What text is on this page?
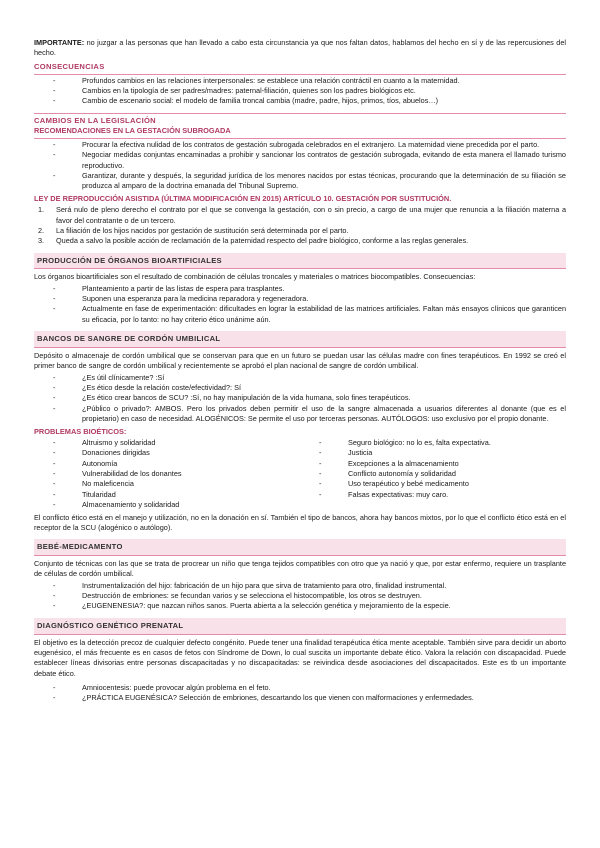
IMPORTANTE: no juzgar a las personas que han llevado a cabo esta circunstancia ya que nos faltan datos, hablamos del hecho en sí y de las repercusiones del hecho.

CONSECUENCIAS
- Profundos cambios en las relaciones interpersonales: se establece una relación contráctil en cuanto a la maternidad.
- Cambios en la tipología de ser padres/madres: paternal-filiación, quienes son los padres biológicos etc.
- Cambio de escenario social: el modelo de familia troncal cambia (madre, padre, hijos, primos, tíos, abuelos…)
CAMBIOS EN LA LEGISLACIÓN
RECOMENDACIONES EN LA GESTACIÓN SUBROGADA
- Procurar la efectiva nulidad de los contratos de gestación subrogada celebrados en el extranjero. La maternidad viene precedida por el parto.
- Negociar medidas conjuntas encaminadas a prohibir y sancionar los contratos de gestación subrogada, evitando de esta manera el llamado turismo reproductivo.
- Garantizar, durante y después, la seguridad jurídica de los menores nacidos por estas técnicas, procurando que la determinación de su filiación se produzca al amparo de la doctrina emanada del Tribunal Supremo.
LEY DE REPRODUCCIÓN ASISTIDA (ÚLTIMA MODIFICACIÓN EN 2015) ARTÍCULO 10. GESTACIÓN POR SUSTITUCIÓN.
1. Será nulo de pleno derecho el contrato por el que se convenga la gestación, con o sin precio, a cargo de una mujer que renuncia a la filiación materna a favor del contratante o de un tercero.
2. La filiación de los hijos nacidos por gestación de sustitución será determinada por el parto.
3. Queda a salvo la posible acción de reclamación de la paternidad respecto del padre biológico, conforme a las reglas generales.
PRODUCCIÓN DE ÓRGANOS BIOARTIFICIALES

Los órganos bioartificiales son el resultado de combinación de células troncales y materiales o matrices biocompatibles. Consecuencias:

- Planteamiento a partir de las listas de espera para trasplantes.
- Suponen una esperanza para la medicina reparadora y regeneradora.
- Actualmente en fase de experimentación: dificultades en lograr la estabilidad de las matrices artificiales. Faltan más ensayos clínicos que garanticen su eficacia, por lo tanto: no hay criterio ético unánime aún.
BANCOS DE SANGRE DE CORDÓN UMBILICAL

Depósito o almacenaje de cordón umbilical que se conservan para que en un futuro se puedan usar las células madre con fines terapéuticos. En 1992 se creó el primer banco de sangre de cordón umbilical y recientemente se aprobó el plan nacional de sangre de cordón umbilical.

- ¿Es útil clínicamente? :Sí
- ¿Es ético desde la relación coste/efectividad?: Sí
- ¿Es ético crear bancos de SCU? :Sí, no hay manipulación de la vida humana, solo fines terapéuticos.
- ¿Público o privado?: AMBOS. Pero los privados deben permitir el uso de la sangre almacenada a usuarios diferentes al donante (que es el propietario) en caso de necesidad. ALOGÉNICOS: Se permite el uso por terceras personas. AUTÓLOGOS: uso exclusivo por el propio donante.
PROBLEMAS BIOÉTICOS:
- Altruismo y solidaridad
- Donaciones dirigidas
- Autonomía
- Vulnerabilidad de los donantes
- No maleficencia
- Titularidad
- Almacenamiento y solidaridad
- Seguro biológico: no lo es, falta expectativa.
- Justicia
- Excepciones a la almacenamiento
- Conflicto autonomía y solidaridad
- Uso terapéutico y bebé medicamento
- Falsas expectativas: muy caro.

El conflicto ético está en el manejo y utilización, no en la donación en sí. También el tipo de bancos, ahora hay bancos mixtos, por lo que el conflicto ético está en el receptor de la SCU (alogénico o autólogo).

BEBÉ-MEDICAMENTO

Conjunto de técnicas con las que se trata de procrear un niño que tenga tejidos compatibles con otro que ya nació y que, por estar enfermo, requiere un trasplante de células de cordón umbilical.

- Instrumentalización del hijo: fabricación de un hijo para que sirva de tratamiento para otro, finalidad instrumental.
- Destrucción de embriones: se fecundan varios y se selecciona el histocompatible, los otros se destruyen.
- ¿EUGENENESIA?: que nazcan niños sanos. Puerta abierta a la selección genética y mejoramiento de la especie.
DIAGNÓSTICO GENÉTICO PRENATAL

El objetivo es la detección precoz de cualquier defecto congénito. Puede tener una finalidad terapéutica ética mente aceptable. También sirve para decidir un aborto eugenésico, el más frecuente es en casos de fetos con Síndrome de Down, lo cual suscita un importante debate ético. Valora la relación con discapacidad. Puede establecer líneas divisorias entre personas discapacitadas y no discapacitadas: se reivindica desde asociaciones del discapacitados. Este es tb un importante debate ético.

- Amniocentesis: puede provocar algún problema en el feto.
- ¿PRÁCTICA EUGENÉSICA? Selección de embriones, descartando los que vienen con malformaciones y enfermedades.
